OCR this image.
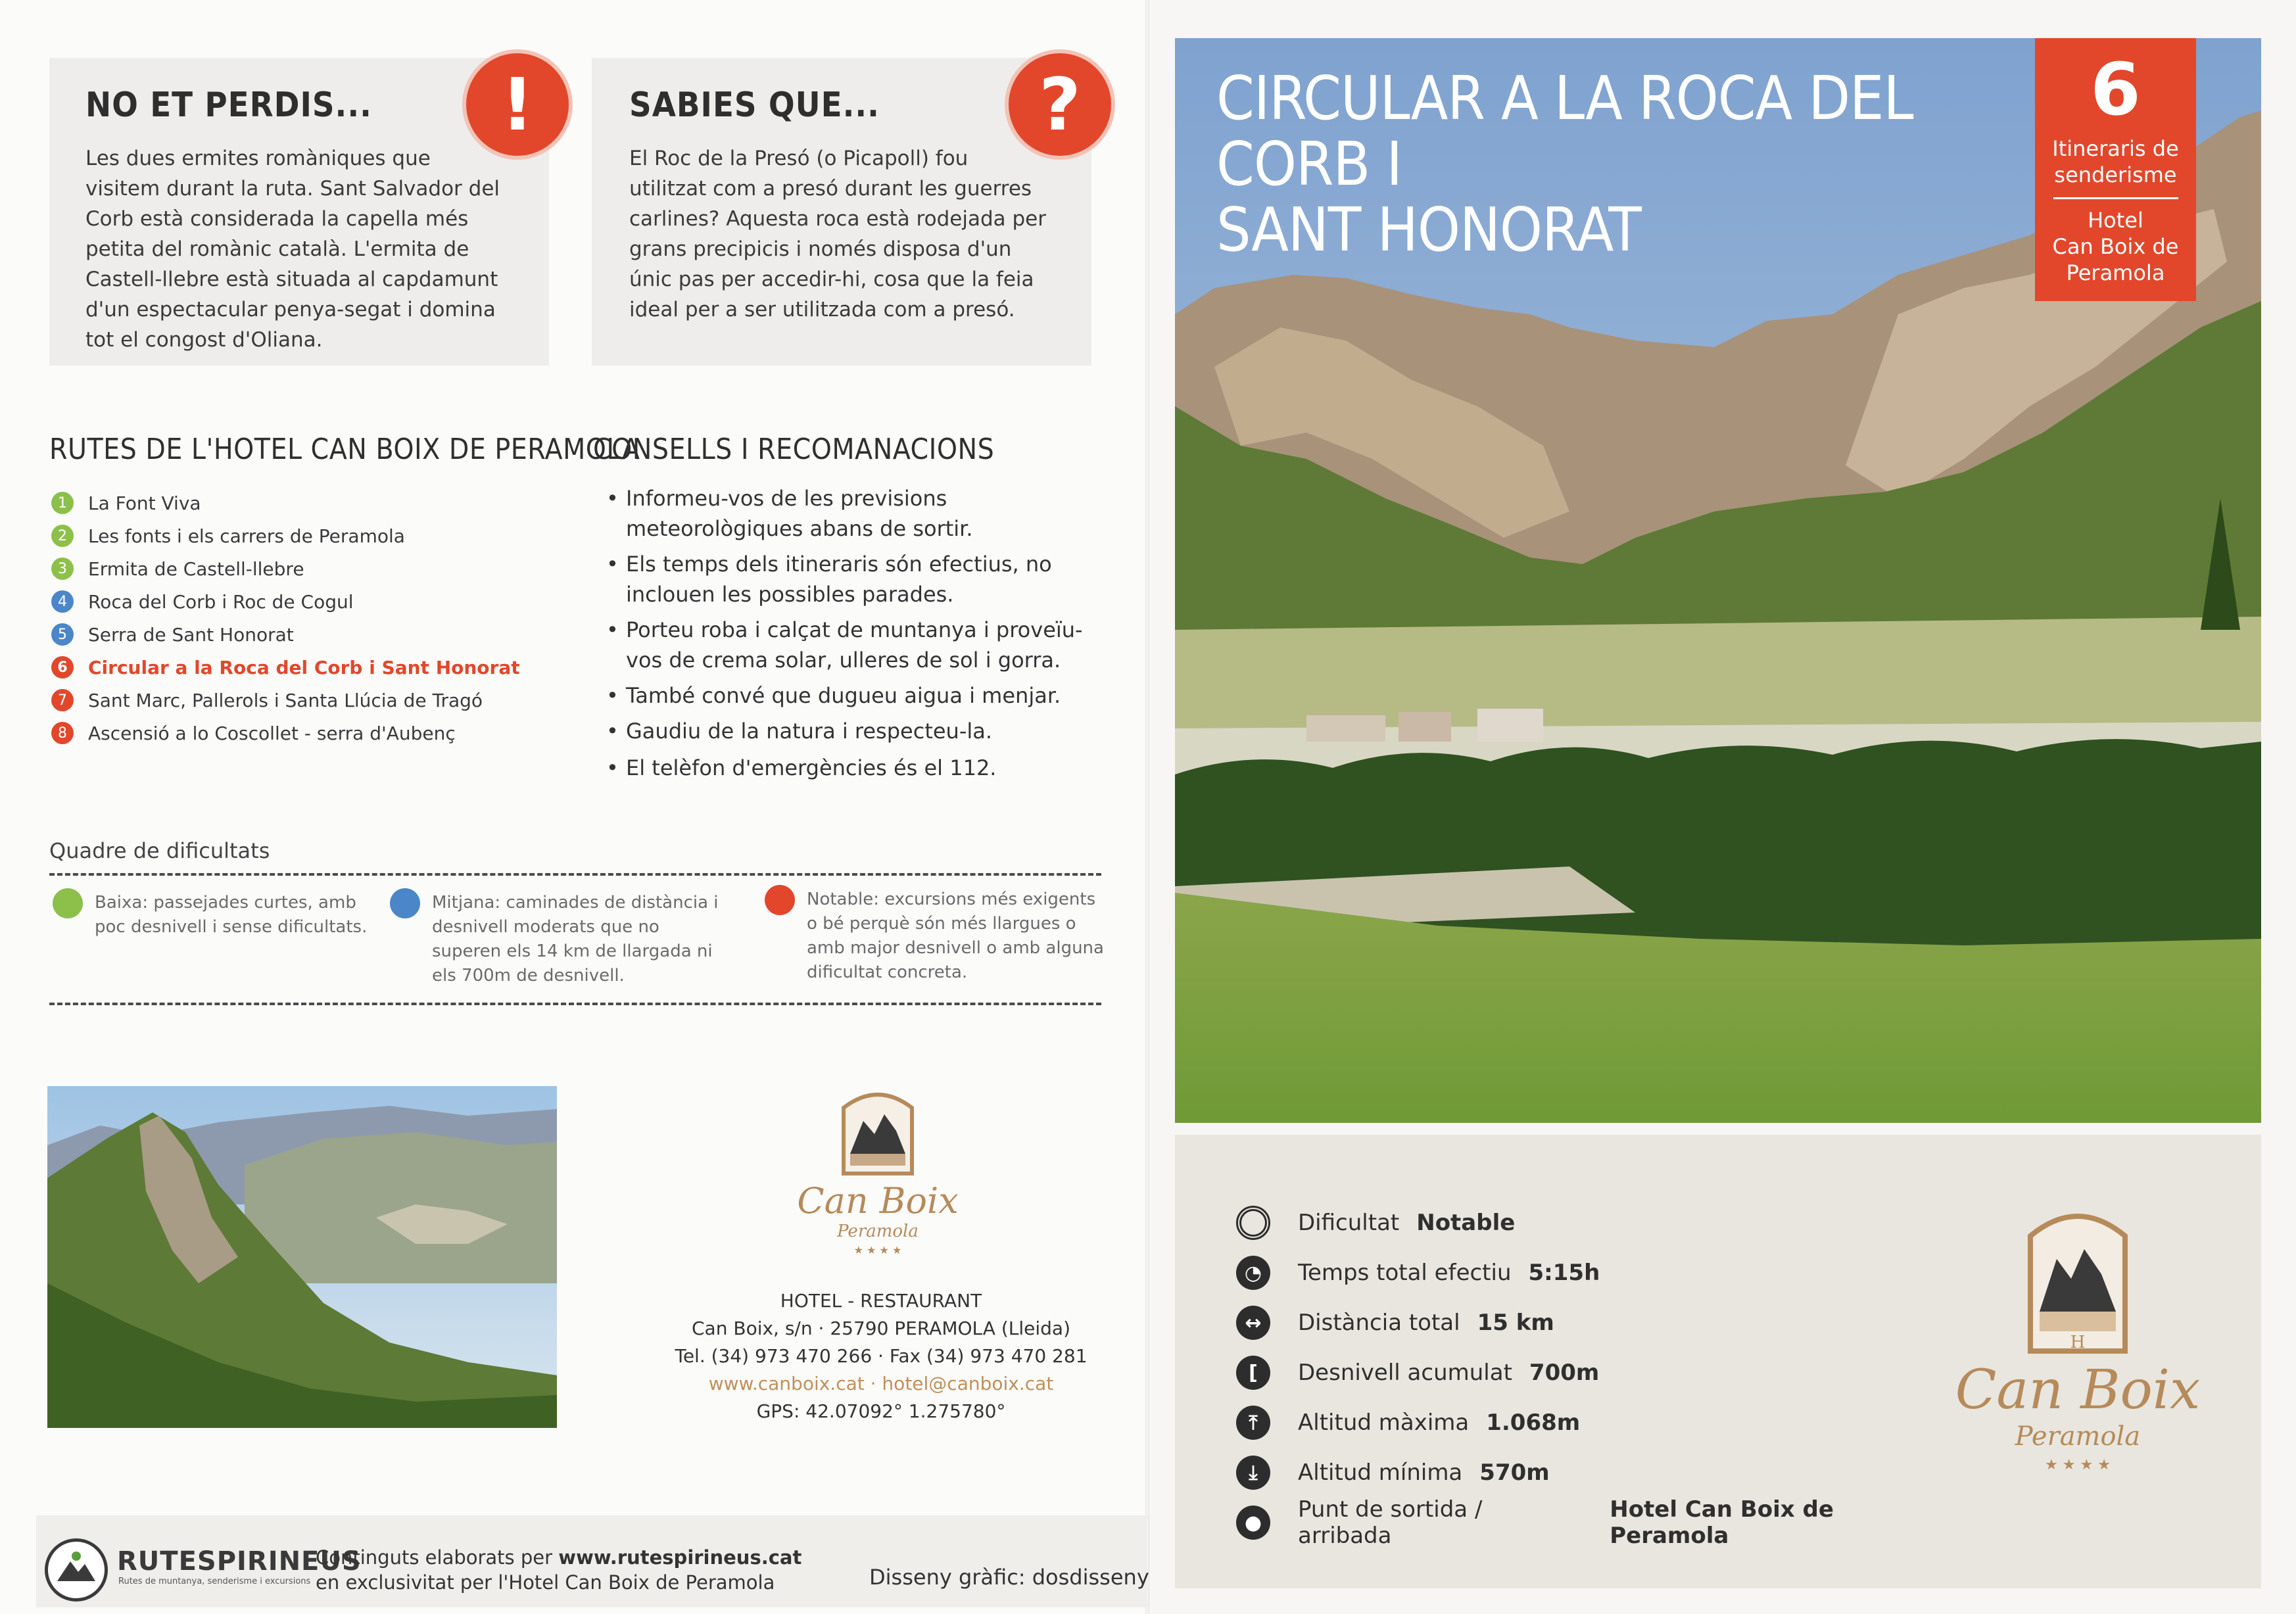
NO ET PERDIS...
Les dues ermites romàniques que visitem durant la ruta. Sant Salvador del Corb està considerada la capella més petita del romànic català. L'ermita de Castell-llebre està situada al capdamunt d'un espectacular penya-segat i domina tot el congost d'Oliana.
!	SABIES QUE...
El Roc de la Presó (o Picapoll) fou utilitzat com a presó durant les guerres carlines? Aquesta roca està rodejada per grans precipicis i només disposa d'un únic pas per accedir-hi, cosa que la feia ideal per a ser utilitzada com a presó.
?
RUTES DE L'HOTEL CAN BOIX DE PERAMOLA
1	La Font Viva
2	Les fonts i els carrers de Peramola
3	Ermita de Castell-llebre
4	Roca del Corb i Roc de Cogul
5	Serra de Sant Honorat
6	Circular a la Roca del Corb i Sant Honorat
7	Sant Marc, Pallerols i Santa Llúcia de Tragó
8	Ascensió a lo Coscollet - serra d'Aubenç
CONSELLS I RECOMANACIONS
• Informeu-vos de les previsions meteorològiques abans de sortir.
• Els temps dels itineraris són efectius, no inclouen les possibles parades.
• Porteu roba i calçat de muntanya i proveïu-vos de crema solar, ulleres de sol i gorra.
• També convé que dugueu aigua i menjar.
• Gaudiu de la natura i respecteu-la.
• El telèfon d'emergències és el 112.
Quadre de dificultats
Baixa: passejades curtes, amb poc desnivell i sense dificultats.
Mitjana: caminades de distància i desnivell moderats que no superen els 14 km de llargada ni els 700m de desnivell.
Notable: excursions més exigents o bé perquè són més llargues o amb major desnivell o amb alguna dificultat concreta.
Can Boix
Peramola
★ ★ ★ ★
HOTEL - RESTAURANT
Can Boix, s/n · 25790 PERAMOLA (Lleida)
Tel. (34) 973 470 266 · Fax (34) 973 470 281
www.canboix.cat · hotel@canboix.cat
GPS: 42.07092° 1.275780°
RUTESPIRINEUS
Rutes de muntanya, senderisme i excursions
Continguts elaborats per www.rutespirineus.cat
en exclusivitat per l'Hotel Can Boix de Peramola	Disseny gràfic: dosdisseny
CIRCULAR A LA ROCA DEL CORB I
SANT HONORAT
6
Itineraris de
senderisme
Hotel
Can Boix de
Peramola
Dificultat Notable
◔	Temps total efectiu 5:15h
↔	Distància total 15 km
[	Desnivell acumulat 700m
⤒	Altitud màxima 1.068m
⤓	Altitud mínima 570m
●	Punt de sortida / arribada
Hotel Can Boix de Peramola
H
Can Boix
Peramola
★ ★ ★ ★
